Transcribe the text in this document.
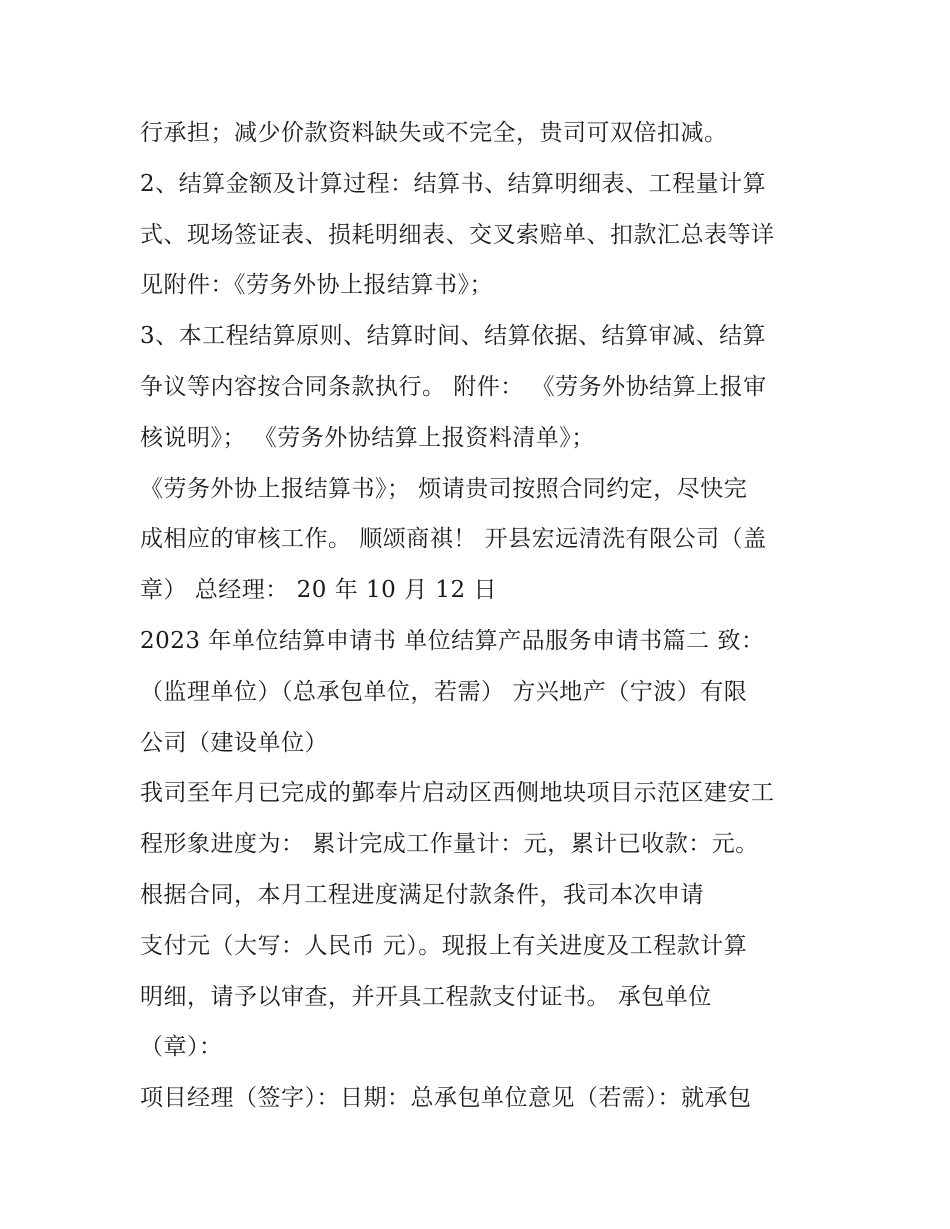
行承担；减少价款资料缺失或不完全，贵司可双倍扣减。
2、结算金额及计算过程：结算书、结算明细表、工程量计算
式、现场签证表、损耗明细表、交叉索赔单、扣款汇总表等详
见附件：《劳务外协上报结算书》；
3、本工程结算原则、结算时间、结算依据、结算审减、结算
争议等内容按合同条款执行。 附件： 《劳务外协结算上报审
核说明》； 《劳务外协结算上报资料清单》；
《劳务外协上报结算书》； 烦请贵司按照合同约定，尽快完
成相应的审核工作。 顺颂商祺！ 开县宏远清洗有限公司（盖
章） 总经理： 20 年 10 月 12 日
2023 年单位结算申请书 单位结算产品服务申请书篇二 致：
（监理单位）（总承包单位，若需） 方兴地产（宁波）有限
公司（建设单位）
我司至年月已完成的鄞奉片启动区西侧地块项目示范区建安工
程形象进度为： 累计完成工作量计：元，累计已收款：元。
根据合同，本月工程进度满足付款条件，我司本次申请
支付元（大写：人民币 元）。现报上有关进度及工程款计算
明细，请予以审查，并开具工程款支付证书。 承包单位
（章）：
项目经理（签字）：日期：总承包单位意见（若需）：就承包
